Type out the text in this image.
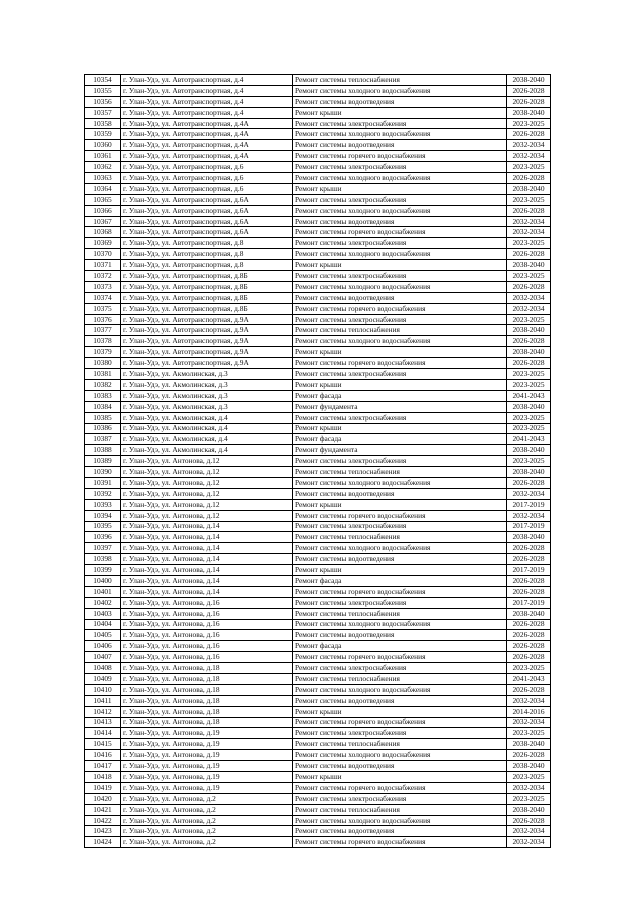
10354	г. Улан-Удэ, ул. Автотранспортная, д.4	Ремонт системы теплоснабжения	2038-2040
10355	г. Улан-Удэ, ул. Автотранспортная, д.4	Ремонт системы холодного водоснабжения	2026-2028
10356	г. Улан-Удэ, ул. Автотранспортная, д.4	Ремонт системы водоотведения	2026-2028
10357	г. Улан-Удэ, ул. Автотранспортная, д.4	Ремонт крыши	2038-2040
10358	г. Улан-Удэ, ул. Автотранспортная, д.4А	Ремонт системы электроснабжения	2023-2025
10359	г. Улан-Удэ, ул. Автотранспортная, д.4А	Ремонт системы холодного водоснабжения	2026-2028
10360	г. Улан-Удэ, ул. Автотранспортная, д.4А	Ремонт системы водоотведения	2032-2034
10361	г. Улан-Удэ, ул. Автотранспортная, д.4А	Ремонт системы горячего водоснабжения	2032-2034
10362	г. Улан-Удэ, ул. Автотранспортная, д.6	Ремонт системы электроснабжения	2023-2025
10363	г. Улан-Удэ, ул. Автотранспортная, д.6	Ремонт системы холодного водоснабжения	2026-2028
10364	г. Улан-Удэ, ул. Автотранспортная, д.6	Ремонт крыши	2038-2040
10365	г. Улан-Удэ, ул. Автотранспортная, д.6А	Ремонт системы электроснабжения	2023-2025
10366	г. Улан-Удэ, ул. Автотранспортная, д.6А	Ремонт системы холодного водоснабжения	2026-2028
10367	г. Улан-Удэ, ул. Автотранспортная, д.6А	Ремонт системы водоотведения	2032-2034
10368	г. Улан-Удэ, ул. Автотранспортная, д.6А	Ремонт системы горячего водоснабжения	2032-2034
10369	г. Улан-Удэ, ул. Автотранспортная, д.8	Ремонт системы электроснабжения	2023-2025
10370	г. Улан-Удэ, ул. Автотранспортная, д.8	Ремонт системы холодного водоснабжения	2026-2028
10371	г. Улан-Удэ, ул. Автотранспортная, д.8	Ремонт крыши	2038-2040
10372	г. Улан-Удэ, ул. Автотранспортная, д.8Б	Ремонт системы электроснабжения	2023-2025
10373	г. Улан-Удэ, ул. Автотранспортная, д.8Б	Ремонт системы холодного водоснабжения	2026-2028
10374	г. Улан-Удэ, ул. Автотранспортная, д.8Б	Ремонт системы водоотведения	2032-2034
10375	г. Улан-Удэ, ул. Автотранспортная, д.8Б	Ремонт системы горячего водоснабжения	2032-2034
10376	г. Улан-Удэ, ул. Автотранспортная, д.9А	Ремонт системы электроснабжения	2023-2025
10377	г. Улан-Удэ, ул. Автотранспортная, д.9А	Ремонт системы теплоснабжения	2038-2040
10378	г. Улан-Удэ, ул. Автотранспортная, д.9А	Ремонт системы холодного водоснабжения	2026-2028
10379	г. Улан-Удэ, ул. Автотранспортная, д.9А	Ремонт крыши	2038-2040
10380	г. Улан-Удэ, ул. Автотранспортная, д.9А	Ремонт системы горячего водоснабжения	2026-2028
10381	г. Улан-Удэ, ул. Акмолинская, д.3	Ремонт системы электроснабжения	2023-2025
10382	г. Улан-Удэ, ул. Акмолинская, д.3	Ремонт крыши	2023-2025
10383	г. Улан-Удэ, ул. Акмолинская, д.3	Ремонт фасада	2041-2043
10384	г. Улан-Удэ, ул. Акмолинская, д.3	Ремонт фундамента	2038-2040
10385	г. Улан-Удэ, ул. Акмолинская, д.4	Ремонт системы электроснабжения	2023-2025
10386	г. Улан-Удэ, ул. Акмолинская, д.4	Ремонт крыши	2023-2025
10387	г. Улан-Удэ, ул. Акмолинская, д.4	Ремонт фасада	2041-2043
10388	г. Улан-Удэ, ул. Акмолинская, д.4	Ремонт фундамента	2038-2040
10389	г. Улан-Удэ, ул. Антонова, д.12	Ремонт системы электроснабжения	2023-2025
10390	г. Улан-Удэ, ул. Антонова, д.12	Ремонт системы теплоснабжения	2038-2040
10391	г. Улан-Удэ, ул. Антонова, д.12	Ремонт системы холодного водоснабжения	2026-2028
10392	г. Улан-Удэ, ул. Антонова, д.12	Ремонт системы водоотведения	2032-2034
10393	г. Улан-Удэ, ул. Антонова, д.12	Ремонт крыши	2017-2019
10394	г. Улан-Удэ, ул. Антонова, д.12	Ремонт системы горячего водоснабжения	2032-2034
10395	г. Улан-Удэ, ул. Антонова, д.14	Ремонт системы электроснабжения	2017-2019
10396	г. Улан-Удэ, ул. Антонова, д.14	Ремонт системы теплоснабжения	2038-2040
10397	г. Улан-Удэ, ул. Антонова, д.14	Ремонт системы холодного водоснабжения	2026-2028
10398	г. Улан-Удэ, ул. Антонова, д.14	Ремонт системы водоотведения	2026-2028
10399	г. Улан-Удэ, ул. Антонова, д.14	Ремонт крыши	2017-2019
10400	г. Улан-Удэ, ул. Антонова, д.14	Ремонт фасада	2026-2028
10401	г. Улан-Удэ, ул. Антонова, д.14	Ремонт системы горячего водоснабжения	2026-2028
10402	г. Улан-Удэ, ул. Антонова, д.16	Ремонт системы электроснабжения	2017-2019
10403	г. Улан-Удэ, ул. Антонова, д.16	Ремонт системы теплоснабжения	2038-2040
10404	г. Улан-Удэ, ул. Антонова, д.16	Ремонт системы холодного водоснабжения	2026-2028
10405	г. Улан-Удэ, ул. Антонова, д.16	Ремонт системы водоотведения	2026-2028
10406	г. Улан-Удэ, ул. Антонова, д.16	Ремонт фасада	2026-2028
10407	г. Улан-Удэ, ул. Антонова, д.16	Ремонт системы горячего водоснабжения	2026-2028
10408	г. Улан-Удэ, ул. Антонова, д.18	Ремонт системы электроснабжения	2023-2025
10409	г. Улан-Удэ, ул. Антонова, д.18	Ремонт системы теплоснабжения	2041-2043
10410	г. Улан-Удэ, ул. Антонова, д.18	Ремонт системы холодного водоснабжения	2026-2028
10411	г. Улан-Удэ, ул. Антонова, д.18	Ремонт системы водоотведения	2032-2034
10412	г. Улан-Удэ, ул. Антонова, д.18	Ремонт крыши	2014-2016
10413	г. Улан-Удэ, ул. Антонова, д.18	Ремонт системы горячего водоснабжения	2032-2034
10414	г. Улан-Удэ, ул. Антонова, д.19	Ремонт системы электроснабжения	2023-2025
10415	г. Улан-Удэ, ул. Антонова, д.19	Ремонт системы теплоснабжения	2038-2040
10416	г. Улан-Удэ, ул. Антонова, д.19	Ремонт системы холодного водоснабжения	2026-2028
10417	г. Улан-Удэ, ул. Антонова, д.19	Ремонт системы водоотведения	2038-2040
10418	г. Улан-Удэ, ул. Антонова, д.19	Ремонт крыши	2023-2025
10419	г. Улан-Удэ, ул. Антонова, д.19	Ремонт системы горячего водоснабжения	2032-2034
10420	г. Улан-Удэ, ул. Антонова, д.2	Ремонт системы электроснабжения	2023-2025
10421	г. Улан-Удэ, ул. Антонова, д.2	Ремонт системы теплоснабжения	2038-2040
10422	г. Улан-Удэ, ул. Антонова, д.2	Ремонт системы холодного водоснабжения	2026-2028
10423	г. Улан-Удэ, ул. Антонова, д.2	Ремонт системы водоотведения	2032-2034
10424	г. Улан-Удэ, ул. Антонова, д.2	Ремонт системы горячего водоснабжения	2032-2034
